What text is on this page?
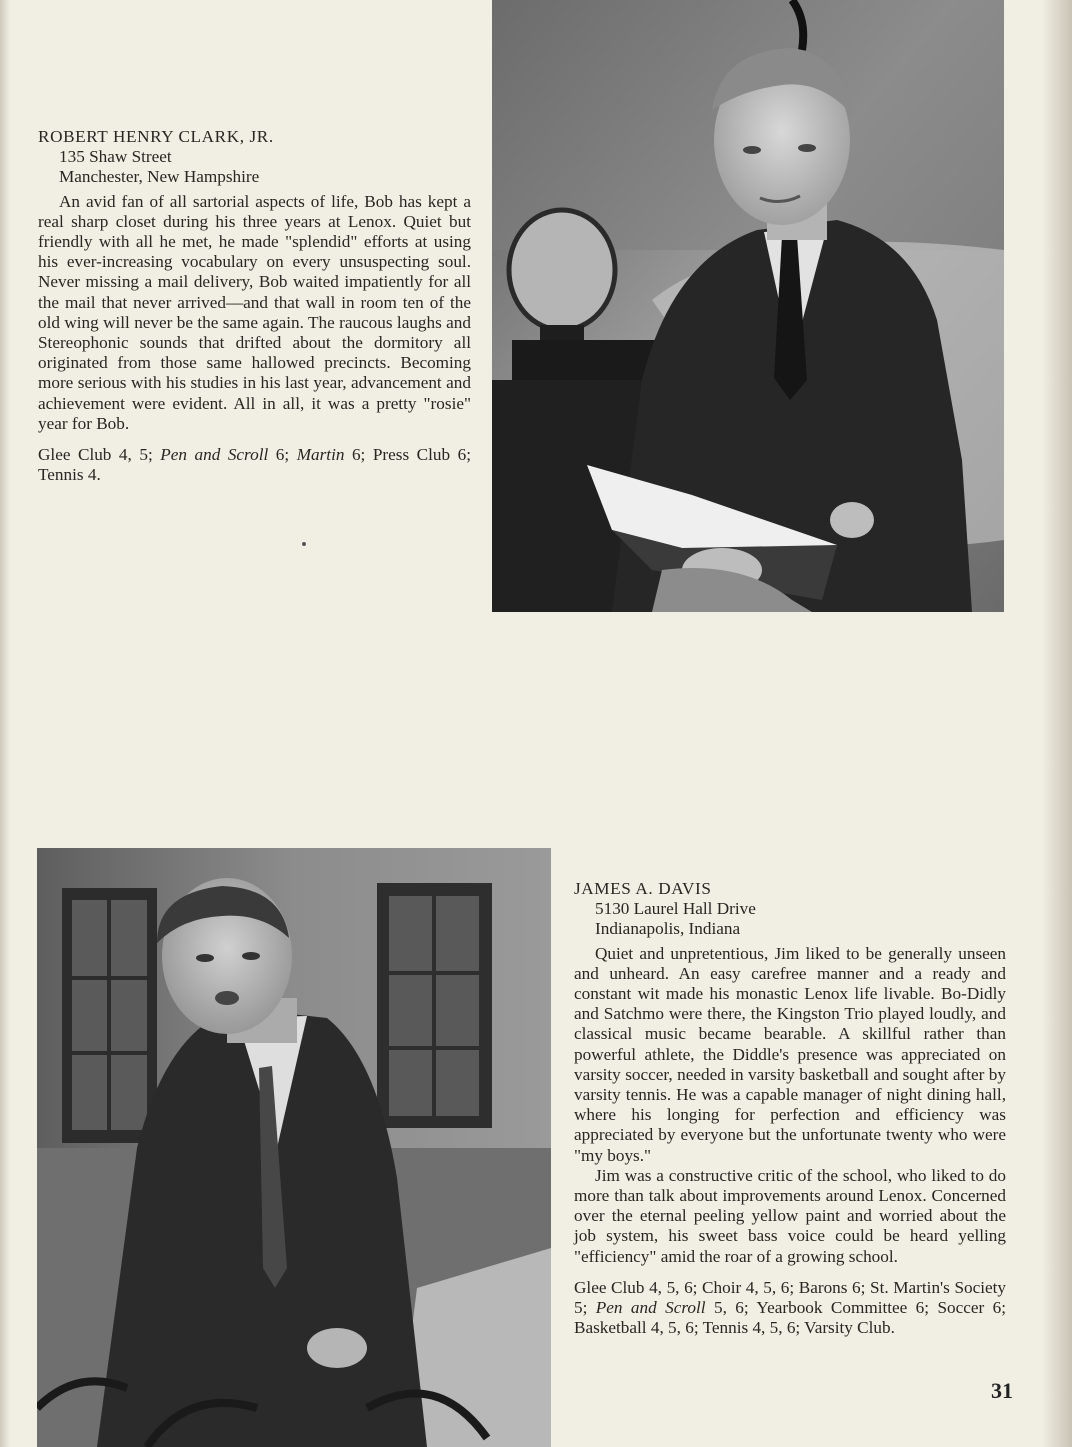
ROBERT HENRY CLARK, JR.

135 Shaw Street

Manchester, New Hampshire

An avid fan of all sartorial aspects of life, Bob has kept a real sharp closet during his three years at Lenox. Quiet but friendly with all he met, he made "splendid" efforts at using his ever-increasing vocabulary on every unsuspecting soul. Never missing a mail delivery, Bob waited impatiently for all the mail that never arrived—and that wall in room ten of the old wing will never be the same again. The raucous laughs and Stereophonic sounds that drifted about the dormitory all originated from those same hallowed precincts. Becoming more serious with his studies in his last year, advancement and achievement were evident. All in all, it was a pretty "rosie" year for Bob.

Glee Club 4, 5; Pen and Scroll 6; Martin 6; Press Club 6; Tennis 4.

JAMES A. DAVIS

5130 Laurel Hall Drive

Indianapolis, Indiana

Quiet and unpretentious, Jim liked to be generally unseen and unheard. An easy carefree manner and a ready and constant wit made his monastic Lenox life livable. Bo-Didly and Satchmo were there, the Kingston Trio played loudly, and classical music became bearable. A skillful rather than powerful athlete, the Diddle's presence was appreciated on varsity soccer, needed in varsity basketball and sought after by varsity tennis. He was a capable manager of night dining hall, where his longing for perfection and efficiency was appreciated by everyone but the unfortunate twenty who were "my boys."

Jim was a constructive critic of the school, who liked to do more than talk about improvements around Lenox. Concerned over the eternal peeling yellow paint and worried about the job system, his sweet bass voice could be heard yelling "efficiency" amid the roar of a growing school.

Glee Club 4, 5, 6; Choir 4, 5, 6; Barons 6; St. Martin's Society 5; Pen and Scroll 5, 6; Yearbook Committee 6; Soccer 6; Basketball 4, 5, 6; Tennis 4, 5, 6; Varsity Club.

31
